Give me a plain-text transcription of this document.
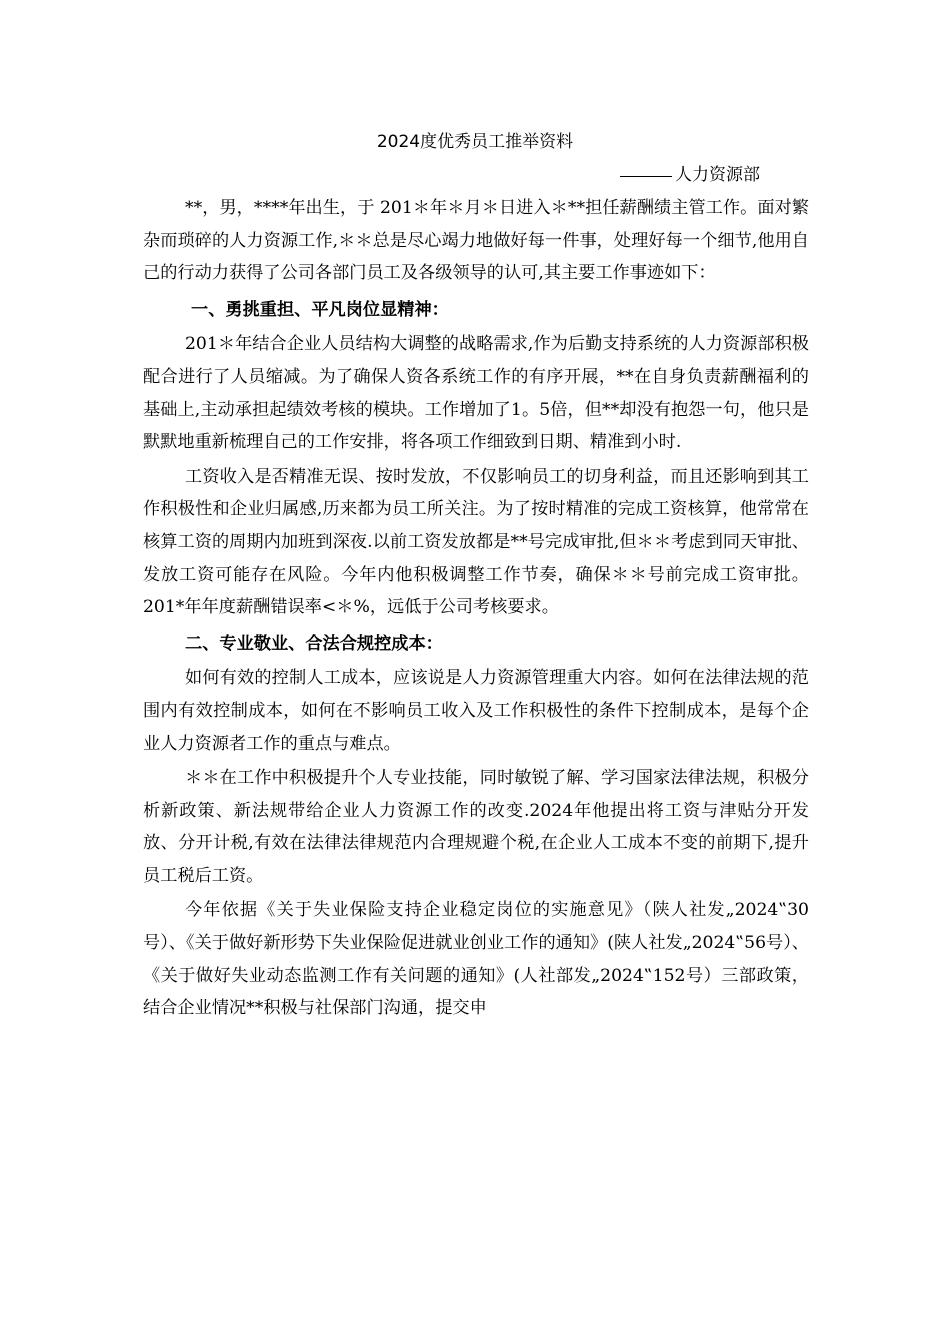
2024度优秀员工推举资料
人力资源部

**，男，****年出生，于 201＊年＊月＊日进入＊**担任薪酬绩主管工作。面对繁杂而琐碎的人力资源工作,＊＊总是尽心竭力地做好每一件事，处理好每一个细节,他用自己的行动力获得了公司各部门员工及各级领导的认可,其主要工作事迹如下：

一、勇挑重担、平凡岗位显精神：

201＊年结合企业人员结构大调整的战略需求,作为后勤支持系统的人力资源部积极配合进行了人员缩减。为了确保人资各系统工作的有序开展，**在自身负责薪酬福利的基础上,主动承担起绩效考核的模块。工作增加了1。5倍，但**却没有抱怨一句，他只是默默地重新梳理自己的工作安排，将各项工作细致到日期、精准到小时.

工资收入是否精准无误、按时发放，不仅影响员工的切身利益，而且还影响到其工作积极性和企业归属感,历来都为员工所关注。为了按时精准的完成工资核算，他常常在核算工资的周期内加班到深夜.以前工资发放都是**号完成审批,但＊＊考虑到同天审批、发放工资可能存在风险。今年内他积极调整工作节奏，确保＊＊号前完成工资审批。201*年年度薪酬错误率<＊%，远低于公司考核要求。

二、专业敬业、合法合规控成本：

如何有效的控制人工成本，应该说是人力资源管理重大内容。如何在法律法规的范围内有效控制成本，如何在不影响员工收入及工作积极性的条件下控制成本，是每个企业人力资源者工作的重点与难点。

＊＊在工作中积极提升个人专业技能，同时敏锐了解、学习国家法律法规，积极分析新政策、新法规带给企业人力资源工作的改变.2024年他提出将工资与津贴分开发放、分开计税,有效在法律法律规范内合理规避个税,在企业人工成本不变的前期下,提升员工税后工资。

今年依据《关于失业保险支持企业稳定岗位的实施意见》（陕人社发„2024‟30号）、《关于做好新形势下失业保险促进就业创业工作的通知》(陕人社发„2024‟56号）、《关于做好失业动态监测工作有关问题的通知》(人社部发„2024‟152号）三部政策，结合企业情况**积极与社保部门沟通，提交申
